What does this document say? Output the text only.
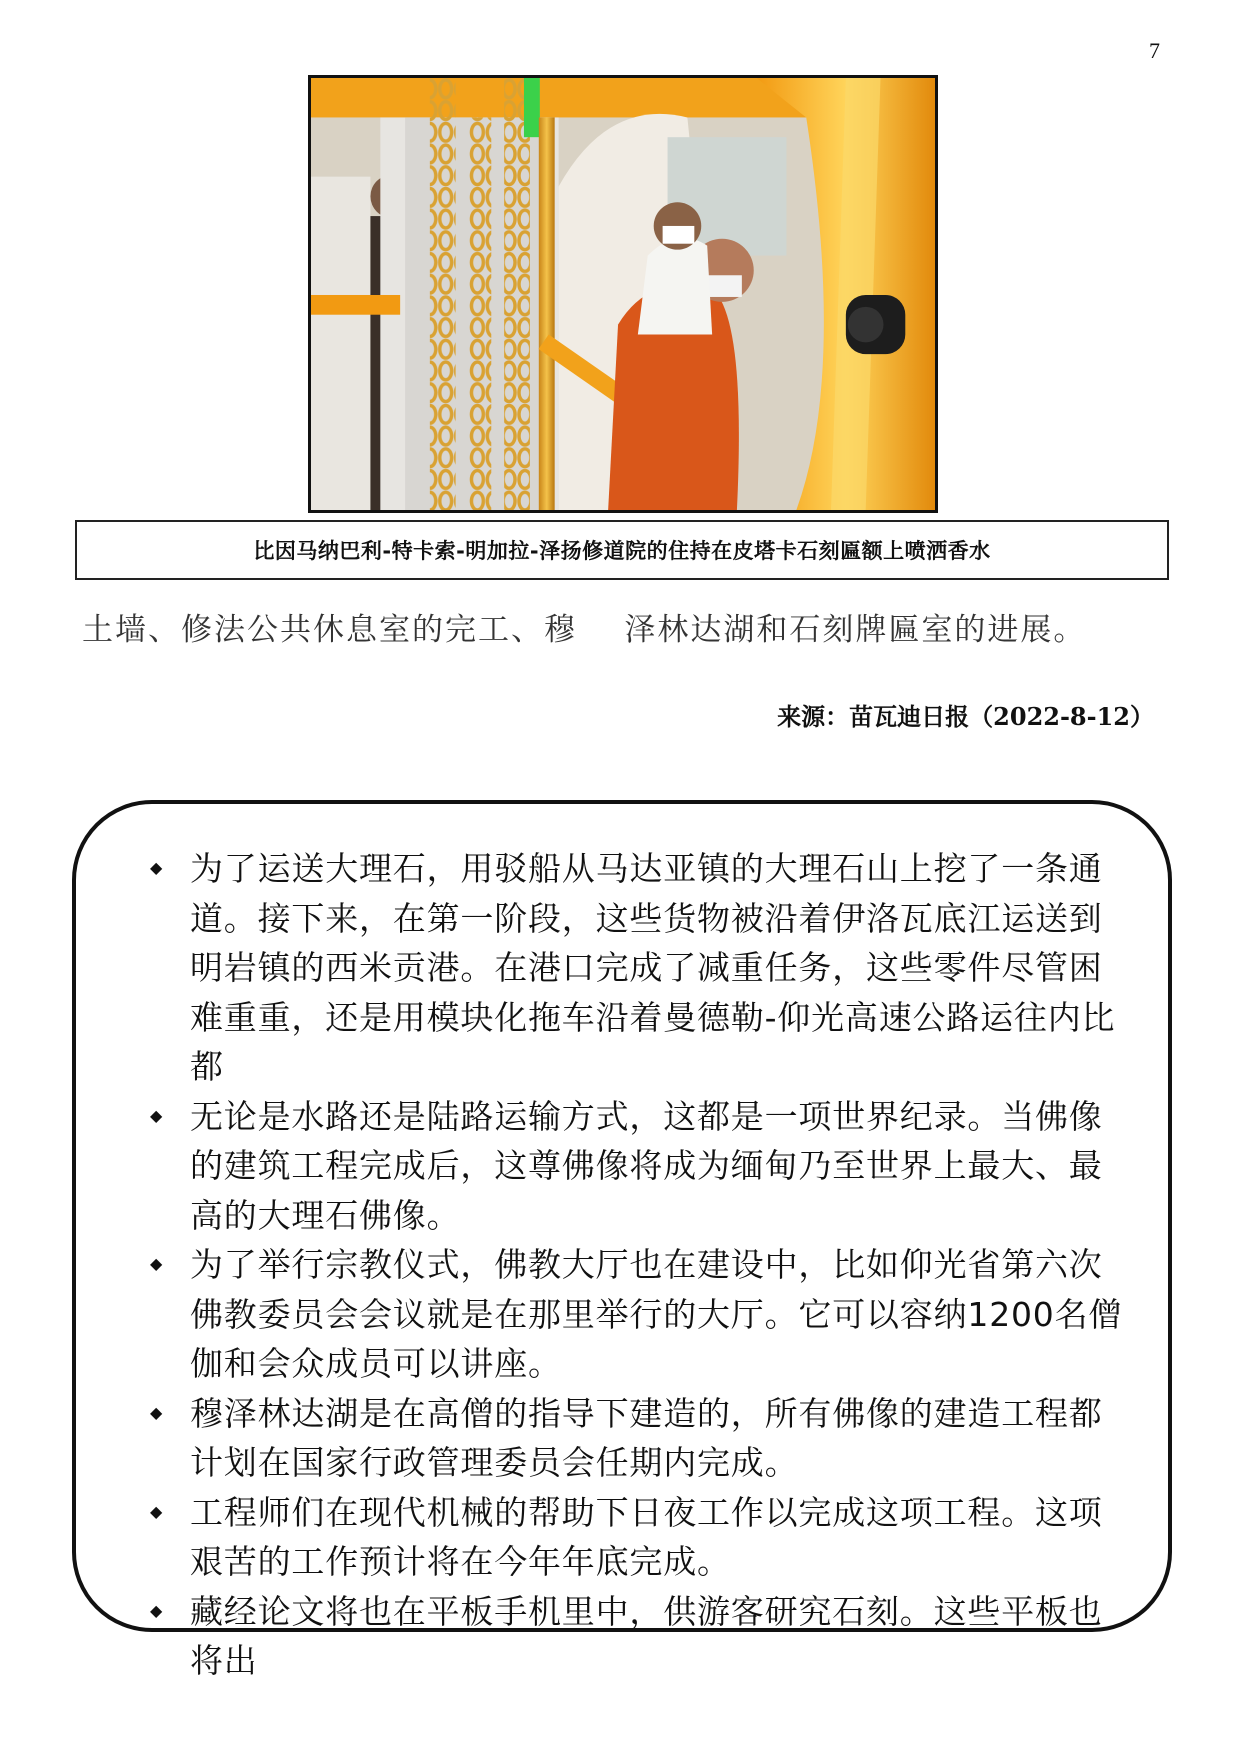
7
比因马纳巴利-特卡索-明加拉-泽扬修道院的住持在皮塔卡石刻匾额上喷洒香水
土墙、修法公共休息室的完工、穆    泽林达湖和石刻牌匾室的进展。
来源：苗瓦迪日报（2022-8-12）
◆ 为了运送大理石，用驳船从马达亚镇的大理石山上挖了一条通道。接下来，在第一阶段，这些货物被沿着伊洛瓦底江运送到明岩镇的西米贡港。在港口完成了减重任务，这些零件尽管困难重重，还是用模块化拖车沿着曼德勒-仰光高速公路运往内比都
◆ 无论是水路还是陆路运输方式，这都是一项世界纪录。当佛像的建筑工程完成后，这尊佛像将成为缅甸乃至世界上最大、最高的大理石佛像。
◆ 为了举行宗教仪式，佛教大厅也在建设中，比如仰光省第六次佛教委员会会议就是在那里举行的大厅。它可以容纳1200名僧伽和会众成员可以讲座。
◆ 穆泽林达湖是在高僧的指导下建造的，所有佛像的建造工程都计划在国家行政管理委员会任期内完成。
◆ 工程师们在现代机械的帮助下日夜工作以完成这项工程。这项艰苦的工作预计将在今年年底完成。
◆ 藏经论文将也在平板手机里中，供游客研究石刻。这些平板也将出
